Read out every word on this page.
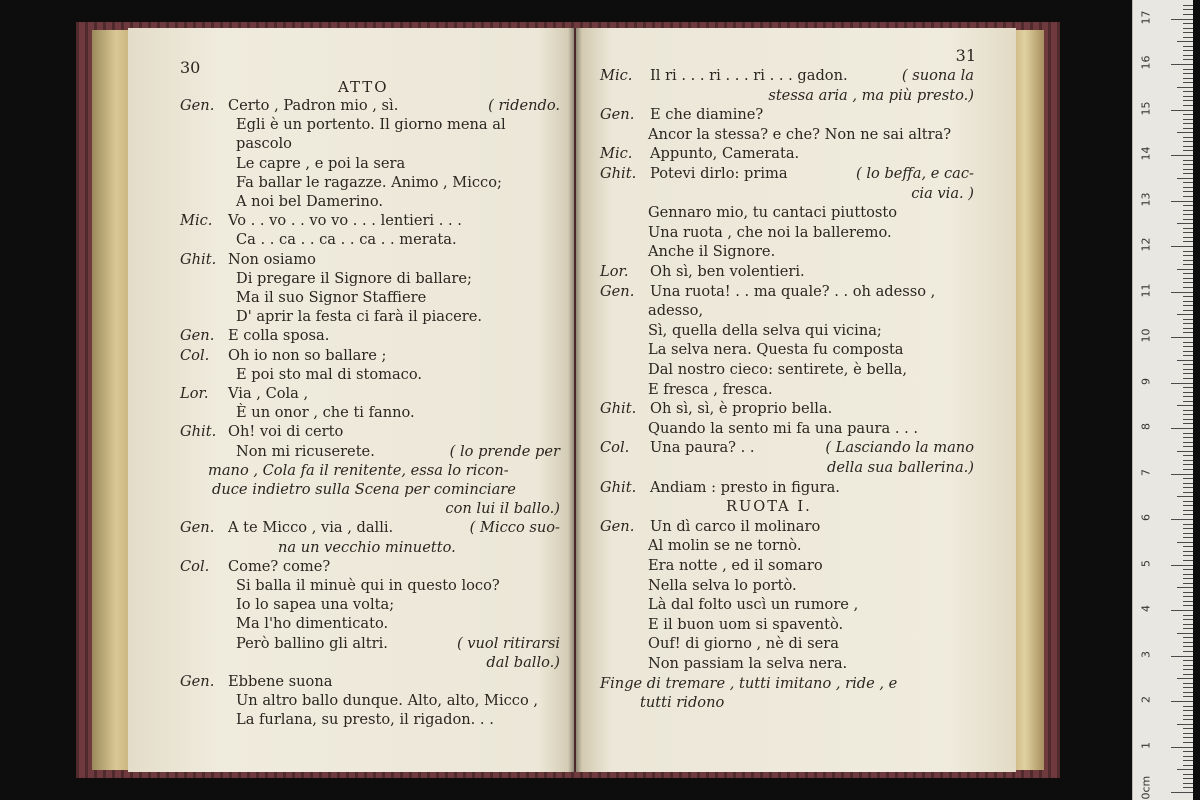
30
ATTO
Gen. Certo , Padron mio , sì.	( ridendo.
Egli è un portento. Il giorno mena al
pascolo
Le capre , e poi la sera
Fa ballar le ragazze. Animo , Micco;
A noi bel Damerino.
Mic. Vo . . vo . . vo vo . . . lentieri . . .
Ca . . ca . . ca . . ca . . merata.
Ghit. Non osiamo
Di pregare il Signore di ballare;
Ma il suo Signor Staffiere
D' aprir la festa ci farà il piacere.
Gen. E colla sposa.
Col. Oh io non so ballare ;
E poi sto mal di stomaco.
Lor. Via , Cola ,
È un onor , che ti fanno.
Ghit. Oh! voi di certo
Non mi ricuserete.	( lo prende per
mano , Cola fa il renitente, essa lo ricon-
duce indietro sulla Scena per cominciare
con lui il ballo.)
Gen. A te Micco , via , dalli.	( Micco suo-
na un vecchio minuetto.
Col. Come? come?
Si balla il minuè qui in questo loco?
Io lo sapea una volta;
Ma l'ho dimenticato.
Però ballino gli altri.	( vuol ritirarsi
dal ballo.)
Gen. Ebbene suona
Un altro ballo dunque. Alto, alto, Micco ,
La furlana, su presto, il rigadon. . .
31
Mic. Il ri . . . ri . . . ri . . . gadon.	( suona la
stessa aria , ma più presto.)
Gen. E che diamine?
Ancor la stessa? e che? Non ne sai altra?
Mic. Appunto, Camerata.
Ghit. Potevi dirlo: prima	( lo beffa, e cac-
cia via. )
Gennaro mio, tu cantaci piuttosto
Una ruota , che noi la balleremo.
Anche il Signore.
Lor. Oh sì, ben volentieri.
Gen. Una ruota! . . ma quale? . . oh adesso ,
adesso,
Sì, quella della selva qui vicina;
La selva nera. Questa fu composta
Dal nostro cieco: sentirete, è bella,
E fresca , fresca.
Ghit. Oh sì, sì, è proprio bella.
Quando la sento mi fa una paura . . .
Col. Una paura? . .	( Lasciando la mano
della sua ballerina.)
Ghit. Andiam : presto in figura.
RUOTA I.
Gen. Un dì carco il molinaro
Al molin se ne tornò.
Era notte , ed il somaro
Nella selva lo portò.
Là dal folto uscì un rumore ,
E il buon uom si spaventò.
Ouf! di giorno , nè di sera
Non passiam la selva nera.
Finge di tremare , tutti imitano , ride , e
tutti ridono
0cm
1
2
3
4
5
6
7
8
9
10
11
12
13
14
15
16
17
